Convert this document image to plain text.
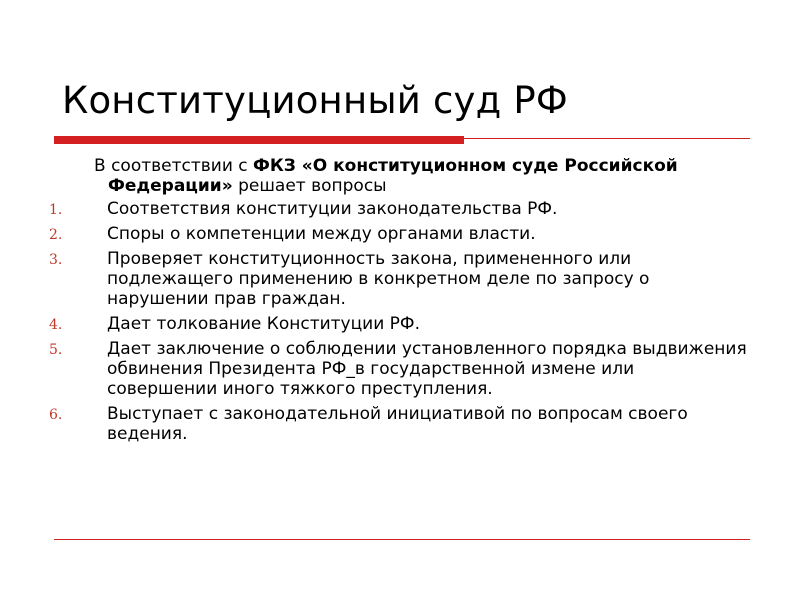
Конституционный суд РФ

В соответствии с ФКЗ «О конституционном суде Российской Федерации» решает вопросы

1.	Соответствия конституции законодательства РФ.
2.	Споры о компетенции между органами власти.
3.	Проверяет конституционность закона, примененного или подлежащего применению в конкретном деле по запросу о нарушении прав граждан.
4.	Дает толкование Конституции РФ.
5.	Дает заключение о соблюдении установленного порядка выдвижения обвинения Президента РФ_в государственной измене или совершении иного тяжкого преступления.
6.	Выступает с законодательной инициативой по вопросам своего ведения.
